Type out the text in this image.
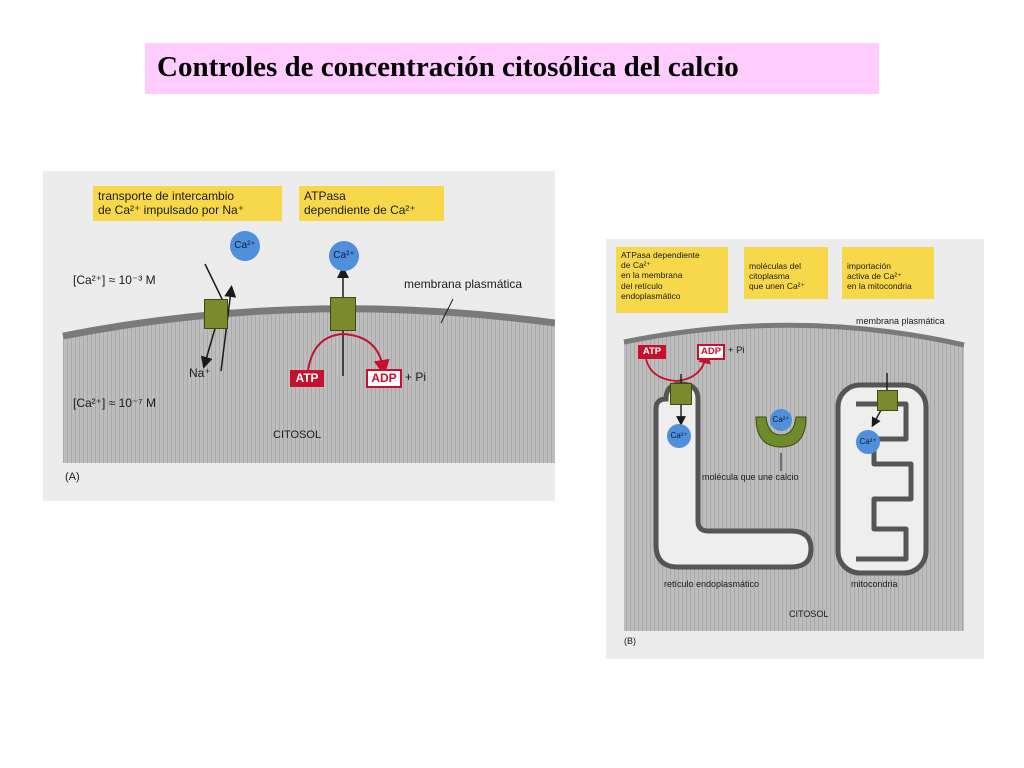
Controles de concentración citosólica del calcio
transporte de intercambio
de Ca²⁺ impulsado por Na⁺
ATPasa
dependiente de Ca²⁺
Ca²⁺
Ca²⁺
[Ca²⁺] ≈ 10⁻³ M
[Ca²⁺] ≈ 10⁻⁷ M
membrana plasmática
Na⁺	ATP	ADP + Pi
CITOSOL
(A)
ATPasa dependiente
de Ca²⁺
en la membrana
del retículo
endoplasmático
moléculas del
citoplasma
que unen Ca²⁺
importación
activa de Ca²⁺
en la mitocondria
membrana plasmática
ATP	ADP + Pi
Ca²⁺
Ca²⁺
molécula que une calcio
Ca²⁺
retículo endoplasmático	mitocondria
CITOSOL
(B)
